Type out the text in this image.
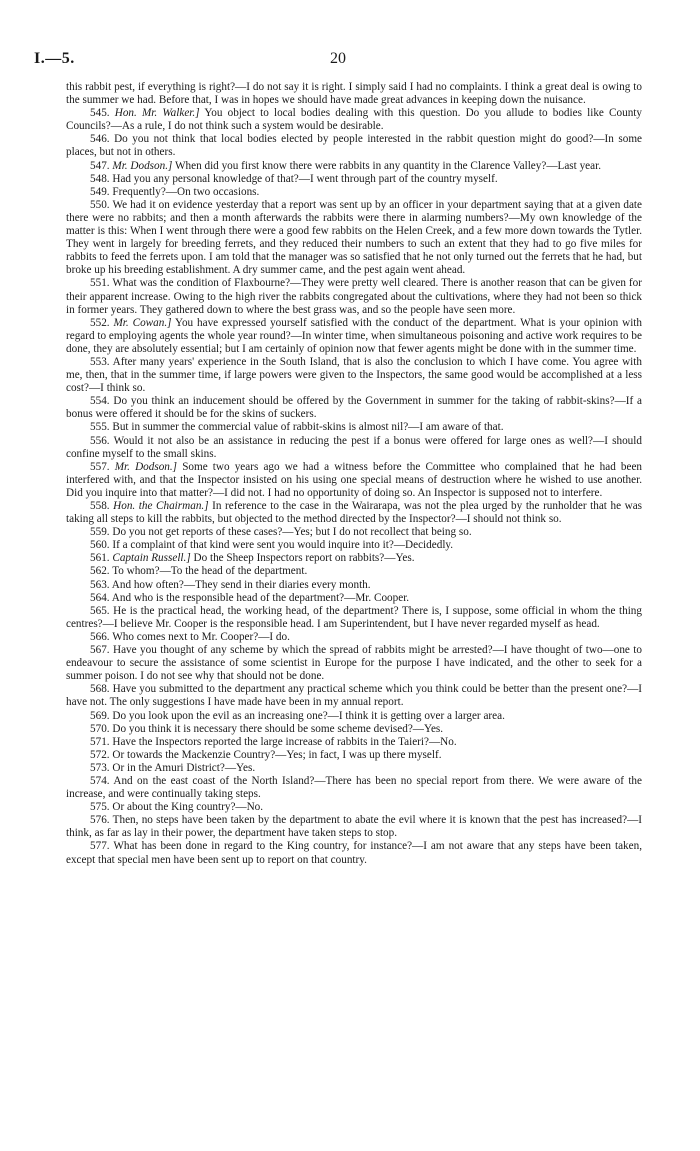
I.—5.	20

this rabbit pest, if everything is right?—I do not say it is right. I simply said I had no complaints. I think a great deal is owing to the summer we had. Before that, I was in hopes we should have made great advances in keeping down the nuisance.

545. Hon. Mr. Walker.] You object to local bodies dealing with this question. Do you allude to bodies like County Councils?—As a rule, I do not think such a system would be desirable.

546. Do you not think that local bodies elected by people interested in the rabbit question might do good?—In some places, but not in others.

547. Mr. Dodson.] When did you first know there were rabbits in any quantity in the Clarence Valley?—Last year.

548. Had you any personal knowledge of that?—I went through part of the country myself.

549. Frequently?—On two occasions.

550. We had it on evidence yesterday that a report was sent up by an officer in your department saying that at a given date there were no rabbits; and then a month afterwards the rabbits were there in alarming numbers?—My own knowledge of the matter is this: When I went through there were a good few rabbits on the Helen Creek, and a few more down towards the Tytler. They went in largely for breeding ferrets, and they reduced their numbers to such an extent that they had to go five miles for rabbits to feed the ferrets upon. I am told that the manager was so satisfied that he not only turned out the ferrets that he had, but broke up his breeding establishment. A dry summer came, and the pest again went ahead.

551. What was the condition of Flaxbourne?—They were pretty well cleared. There is another reason that can be given for their apparent increase. Owing to the high river the rabbits congregated about the cultivations, where they had not been so thick in former years. They gathered down to where the best grass was, and so the people have seen more.

552. Mr. Cowan.] You have expressed yourself satisfied with the conduct of the department. What is your opinion with regard to employing agents the whole year round?—In winter time, when simultaneous poisoning and active work requires to be done, they are absolutely essential; but I am certainly of opinion now that fewer agents might be done with in the summer time.

553. After many years' experience in the South Island, that is also the conclusion to which I have come. You agree with me, then, that in the summer time, if large powers were given to the Inspectors, the same good would be accomplished at a less cost?—I think so.

554. Do you think an inducement should be offered by the Government in summer for the taking of rabbit-skins?—If a bonus were offered it should be for the skins of suckers.

555. But in summer the commercial value of rabbit-skins is almost nil?—I am aware of that.

556. Would it not also be an assistance in reducing the pest if a bonus were offered for large ones as well?—I should confine myself to the small skins.

557. Mr. Dodson.] Some two years ago we had a witness before the Committee who complained that he had been interfered with, and that the Inspector insisted on his using one special means of destruction where he wished to use another. Did you inquire into that matter?—I did not. I had no opportunity of doing so. An Inspector is supposed not to interfere.

558. Hon. the Chairman.] In reference to the case in the Wairarapa, was not the plea urged by the runholder that he was taking all steps to kill the rabbits, but objected to the method directed by the Inspector?—I should not think so.

559. Do you not get reports of these cases?—Yes; but I do not recollect that being so.

560. If a complaint of that kind were sent you would inquire into it?—Decidedly.

561. Captain Russell.] Do the Sheep Inspectors report on rabbits?—Yes.

562. To whom?—To the head of the department.

563. And how often?—They send in their diaries every month.

564. And who is the responsible head of the department?—Mr. Cooper.

565. He is the practical head, the working head, of the department? There is, I suppose, some official in whom the thing centres?—I believe Mr. Cooper is the responsible head. I am Superintendent, but I have never regarded myself as head.

566. Who comes next to Mr. Cooper?—I do.

567. Have you thought of any scheme by which the spread of rabbits might be arrested?—I have thought of two—one to endeavour to secure the assistance of some scientist in Europe for the purpose I have indicated, and the other to seek for a summer poison. I do not see why that should not be done.

568. Have you submitted to the department any practical scheme which you think could be better than the present one?—I have not. The only suggestions I have made have been in my annual report.

569. Do you look upon the evil as an increasing one?—I think it is getting over a larger area.

570. Do you think it is necessary there should be some scheme devised?—Yes.

571. Have the Inspectors reported the large increase of rabbits in the Taieri?—No.

572. Or towards the Mackenzie Country?—Yes; in fact, I was up there myself.

573. Or in the Amuri District?—Yes.

574. And on the east coast of the North Island?—There has been no special report from there. We were aware of the increase, and were continually taking steps.

575. Or about the King country?—No.

576. Then, no steps have been taken by the department to abate the evil where it is known that the pest has increased?—I think, as far as lay in their power, the department have taken steps to stop.

577. What has been done in regard to the King country, for instance?—I am not aware that any steps have been taken, except that special men have been sent up to report on that country.
